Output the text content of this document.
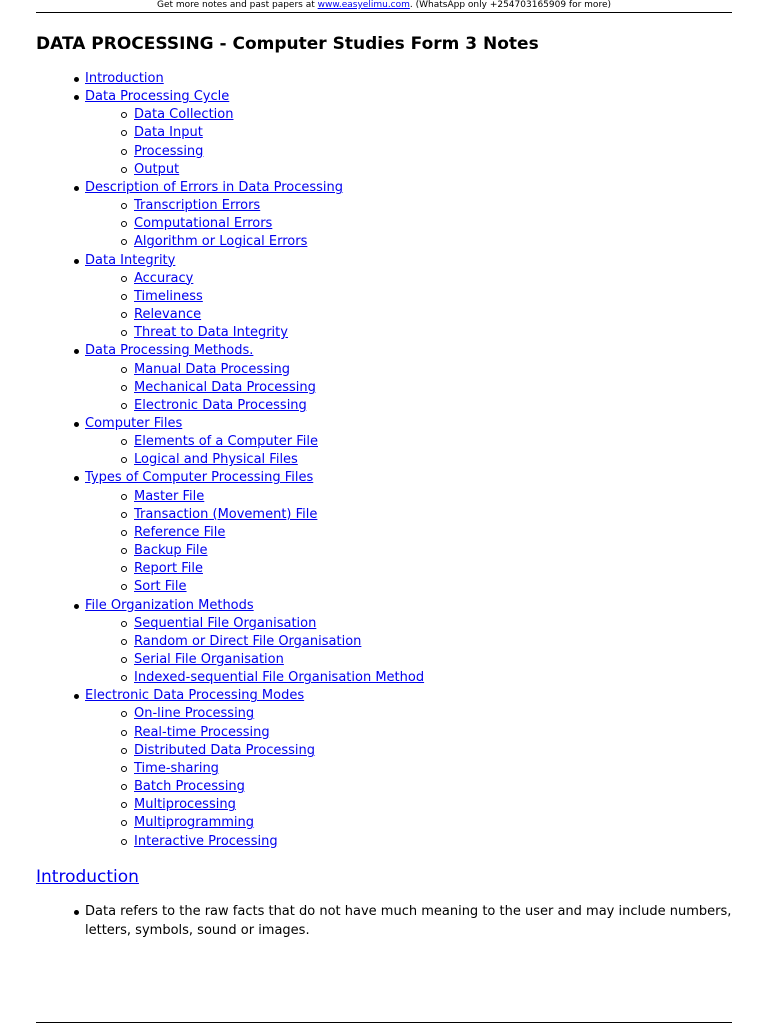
Get more notes and past papers at www.easyelimu.com. (WhatsApp only +254703165909 for more)
DATA PROCESSING - Computer Studies Form 3 Notes
Introduction
Data Processing Cycle
Data Collection
Data Input
Processing
Output
Description of Errors in Data Processing
Transcription Errors
Computational Errors
Algorithm or Logical Errors
Data Integrity
Accuracy
Timeliness
Relevance
Threat to Data Integrity
Data Processing Methods.
Manual Data Processing
Mechanical Data Processing
Electronic Data Processing
Computer Files
Elements of a Computer File
Logical and Physical Files
Types of Computer Processing Files
Master File
Transaction (Movement) File
Reference File
Backup File
Report File
Sort File
File Organization Methods
Sequential File Organisation
Random or Direct File Organisation
Serial File Organisation
Indexed-sequential File Organisation Method
Electronic Data Processing Modes
On-line Processing
Real-time Processing
Distributed Data Processing
Time-sharing
Batch Processing
Multiprocessing
Multiprogramming
Interactive Processing
Introduction
Data refers to the raw facts that do not have much meaning to the user and may include numbers, letters, symbols, sound or images.
